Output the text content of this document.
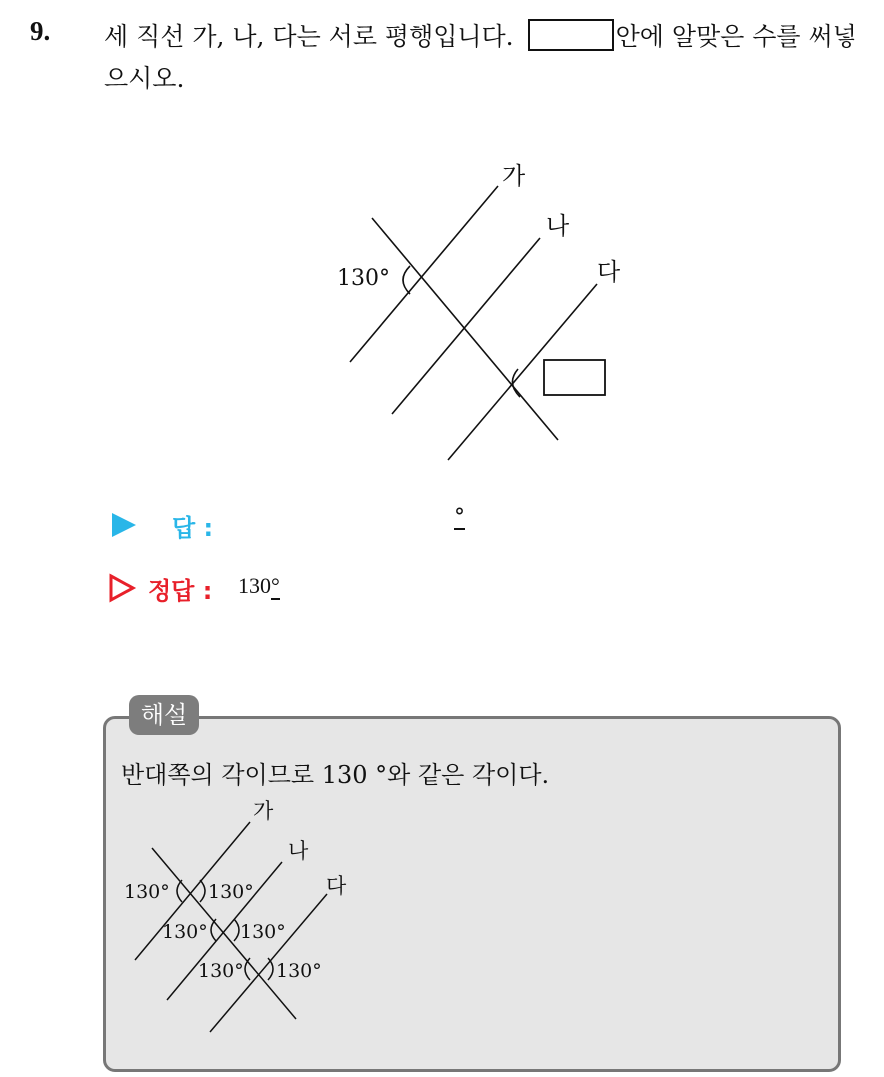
9. 세 직선 가, 나, 다는 서로 평행입니다.	안에 알맞은 수를 써넣으시오.
가
나
다
130°
답 :	°
정답 : 130°
해설
반대쪽의 각이므로 130 °와 같은 각이다.
가
나
다
130° 130°
130° 130°
130° 130°
